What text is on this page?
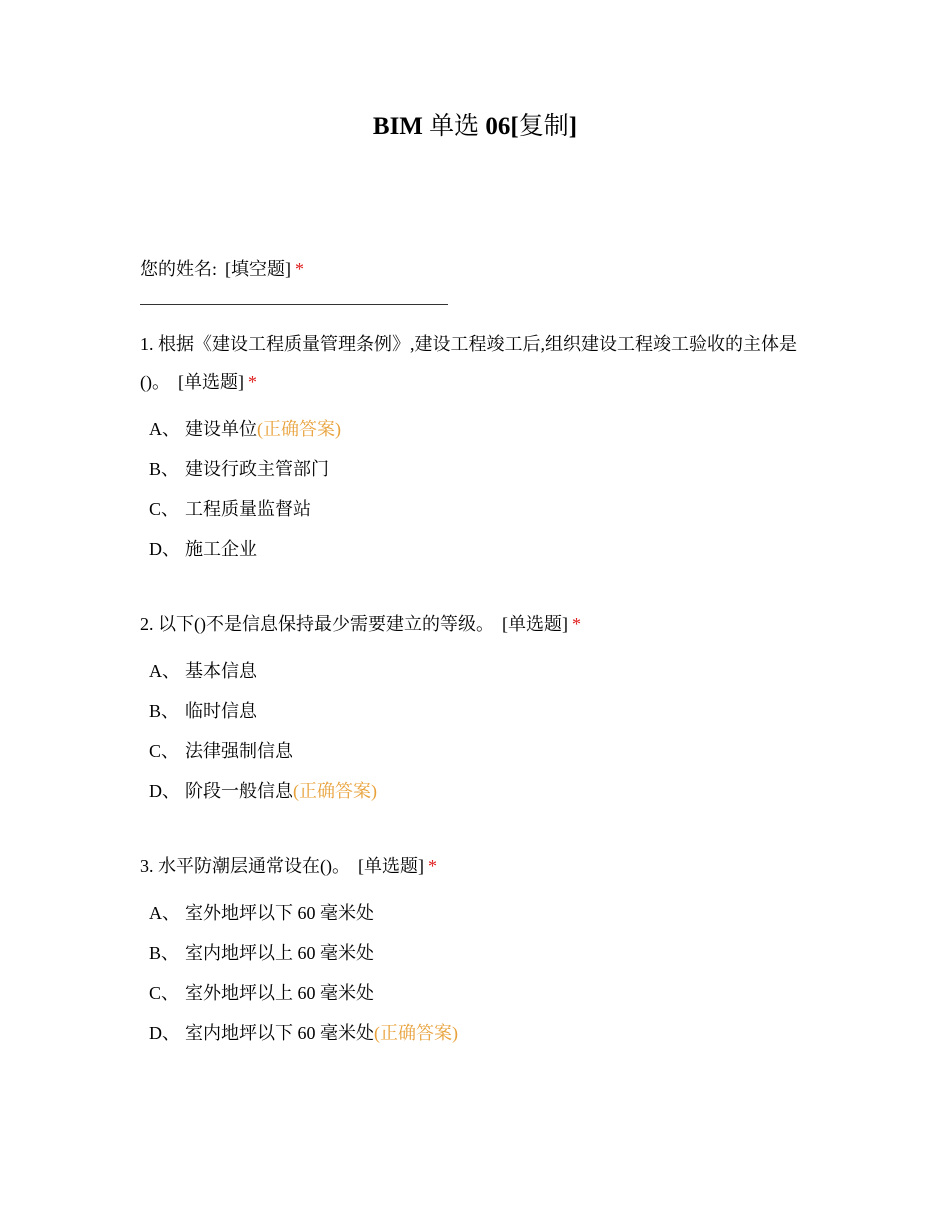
BIM 单选 06[复制]
您的姓名: [填空题] *
1. 根据《建设工程质量管理条例》,建设工程竣工后,组织建设工程竣工验收的主体是()。 [单选题] *
A、 建设单位(正确答案)
B、 建设行政主管部门
C、 工程质量监督站
D、 施工企业
2. 以下()不是信息保持最少需要建立的等级。 [单选题] *
A、 基本信息
B、 临时信息
C、 法律强制信息
D、 阶段一般信息(正确答案)
3. 水平防潮层通常设在()。 [单选题] *
A、 室外地坪以下 60 毫米处
B、 室内地坪以上 60 毫米处
C、 室外地坪以上 60 毫米处
D、 室内地坪以下 60 毫米处(正确答案)
